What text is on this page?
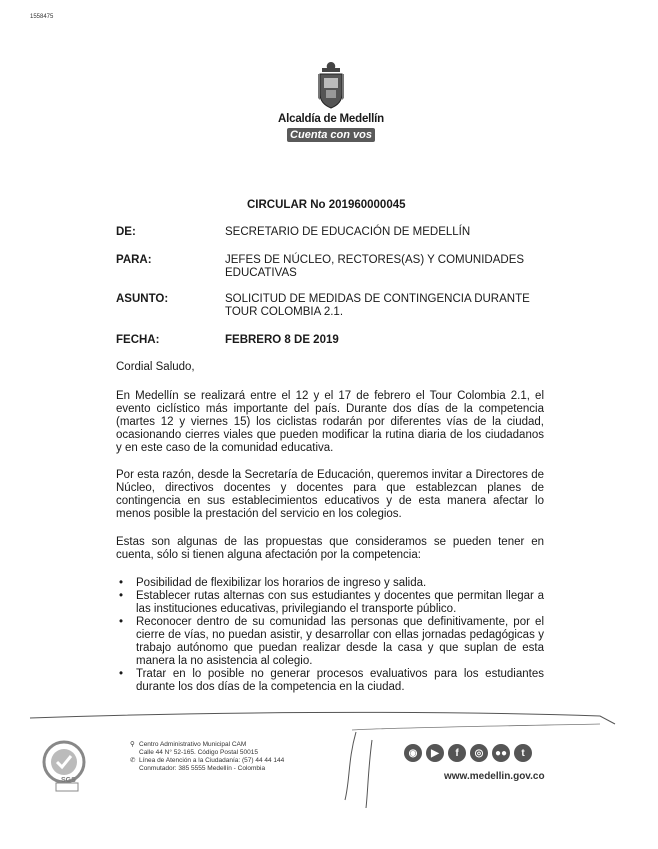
1558475
Alcaldía de Medellín
Cuenta con vos
CIRCULAR No 201960000045
DE:	SECRETARIO DE EDUCACIÓN DE MEDELLÍN
PARA:	JEFES DE NÚCLEO, RECTORES(AS) Y COMUNIDADES EDUCATIVAS
ASUNTO:	SOLICITUD DE MEDIDAS DE CONTINGENCIA DURANTE TOUR COLOMBIA 2.1.
FECHA:	FEBRERO 8 DE 2019
Cordial Saludo,
En Medellín se realizará entre el 12 y el 17 de febrero el Tour Colombia 2.1, el evento ciclístico más importante del país. Durante dos días de la competencia (martes 12 y viernes 15) los ciclistas rodarán por diferentes vías de la ciudad, ocasionando cierres viales que pueden modificar la rutina diaria de los ciudadanos y en este caso de la comunidad educativa.
Por esta razón, desde la Secretaría de Educación, queremos invitar a Directores de Núcleo, directivos docentes y docentes para que establezcan planes de contingencia en sus establecimientos educativos y de esta manera afectar lo menos posible la prestación del servicio en los colegios.
Estas son algunas de las propuestas que consideramos se pueden tener en cuenta, sólo si tienen alguna afectación por la competencia:
• Posibilidad de flexibilizar los horarios de ingreso y salida.
• Establecer rutas alternas con sus estudiantes y docentes que permitan llegar a las instituciones educativas, privilegiando el transporte público.
• Reconocer dentro de su comunidad las personas que definitivamente, por el cierre de vías, no puedan asistir, y desarrollar con ellas jornadas pedagógicas y trabajo autónomo que puedan realizar desde la casa y que suplan de esta manera la no asistencia al colegio.
• Tratar en lo posible no generar procesos evaluativos para los estudiantes durante los dos días de la competencia en la ciudad.
SGS
⚲ Centro Administrativo Municipal CAM
Calle 44 N° 52-165. Código Postal 50015
✆ Línea de Atención a la Ciudadanía: (57) 44 44 144
Conmutador: 385 5555 Medellín - Colombia
◉	▶	f	◎	●●	t
www.medellin.gov.co
